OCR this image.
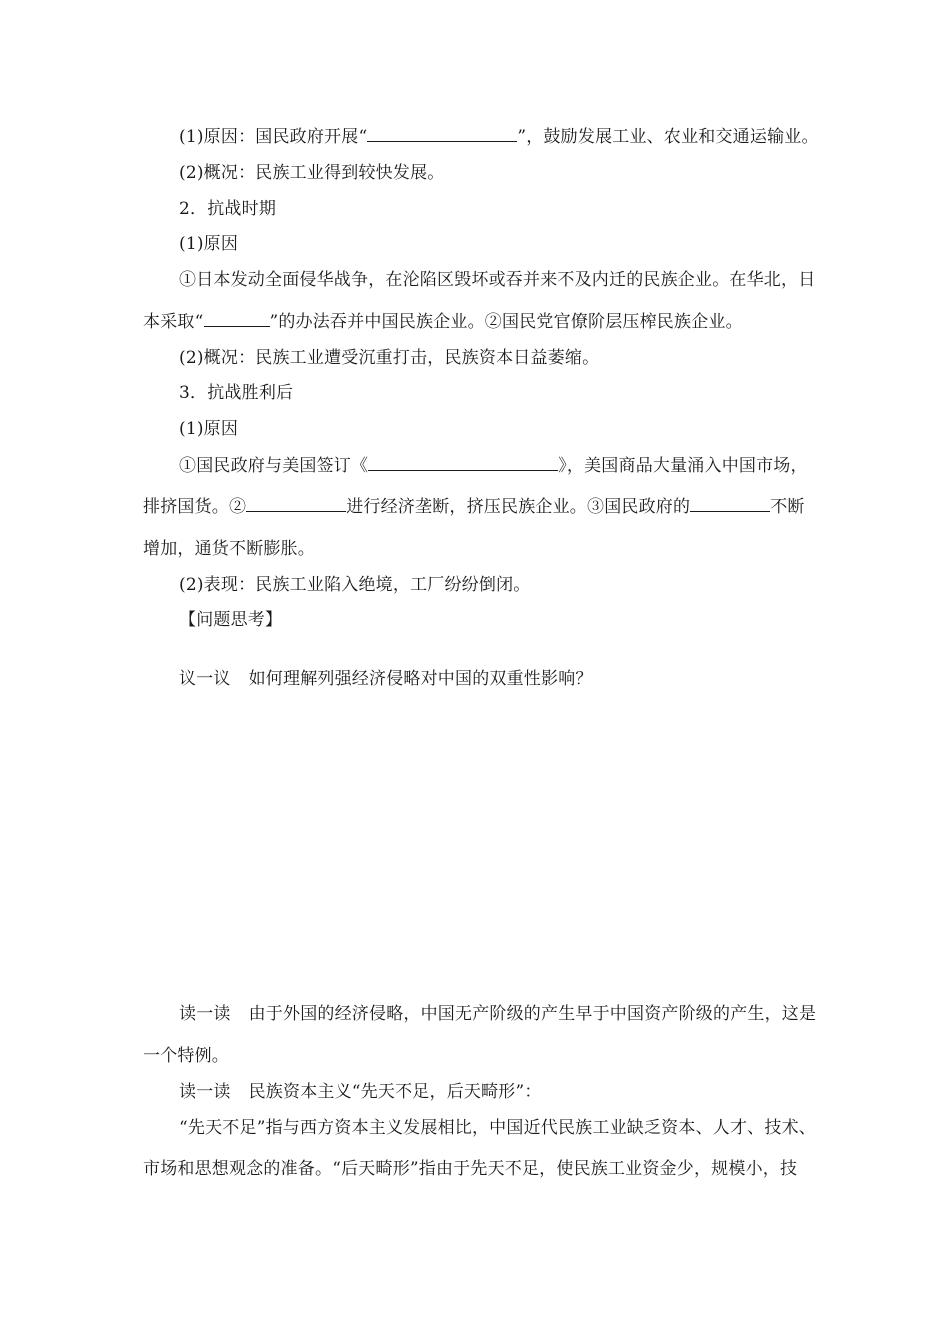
(1)原因：国民政府开展“	”，鼓励发展工业、农业和交通运输业。
(2)概况：民族工业得到较快发展。
2．抗战时期
(1)原因
①日本发动全面侵华战争，在沦陷区毁坏或吞并来不及内迁的民族企业。在华北，日
本采取“	”的办法吞并中国民族企业。②国民党官僚阶层压榨民族企业。
(2)概况：民族工业遭受沉重打击，民族资本日益萎缩。
3．抗战胜利后
(1)原因
①国民政府与美国签订《	》，美国商品大量涌入中国市场，
排挤国货。②	进行经济垄断，挤压民族企业。③国民政府的	不断
增加，通货不断膨胀。
(2)表现：民族工业陷入绝境，工厂纷纷倒闭。
【问题思考】
议一议 如何理解列强经济侵略对中国的双重性影响？
读一读 由于外国的经济侵略，中国无产阶级的产生早于中国资产阶级的产生，这是
一个特例。
读一读 民族资本主义“先天不足，后天畸形”：
“先天不足”指与西方资本主义发展相比，中国近代民族工业缺乏资本、人才、技术、
市场和思想观念的准备。“后天畸形”指由于先天不足，使民族工业资金少，规模小，技
